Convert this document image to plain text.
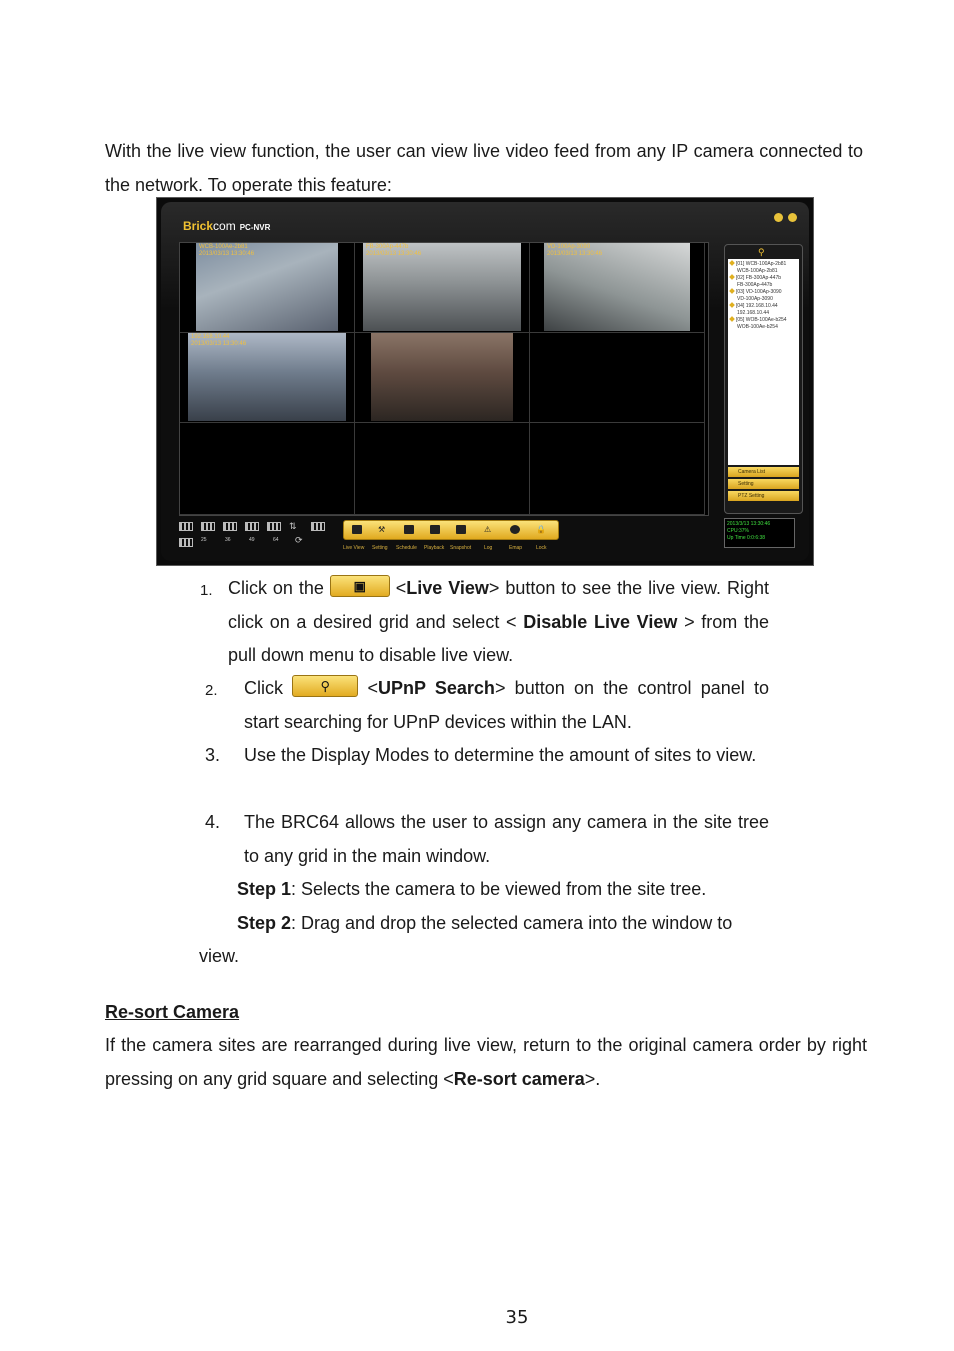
With the live view function, the user can view live video feed from any IP camera connected to the network. To operate this feature:
Brickcom PC-NVR
WCB-100Ae-2b81
2013/03/13 13:30:46
FB-300Ap-447b
2013/03/13 13:30:46
VD-100Ap-3090
2013/03/13 13:30:46
192.168.10.44
2013/03/13 13:30:46
⚲
[01] WCB-100Ap-2b81
WCB-100Ap-2b81
[02] FB-300Ap-447b
FB-300Ap-447b
[03] VD-100Ap-3090
VD-100Ap-3090
[04] 192.168.10.44
192.168.10.44
[05] WOB-100Ae-b254
WOB-100Ae-b254
Camera List
Setting
PTZ Setting
2013/3/13 13:30:46
CPU:37%
Up Time 0:0:6:38
⇅
25	36	49	64 ⟳
⚒	⚠	🔒
Live View Setting Schedule Playback Snapshot	Log	Emap	Lock
1. Click on the ▣ <Live View> button to see the live view. Right click on a desired grid and select < Disable Live View > from the pull down menu to disable live view.
2. Click	⚲ <UPnP Search> button on the control panel to start searching for UPnP devices within the LAN.
3. Use the Display Modes to determine the amount of sites to view.
4. The BRC64 allows the user to assign any camera in the site tree to any grid in the main window.
Step 1: Selects the camera to be viewed from the site tree.
Step 2: Drag and drop the selected camera into the window to
view.
Re-sort Camera
If the camera sites are rearranged during live view, return to the original camera order by right pressing on any grid square and selecting <Re-sort camera>.
35
